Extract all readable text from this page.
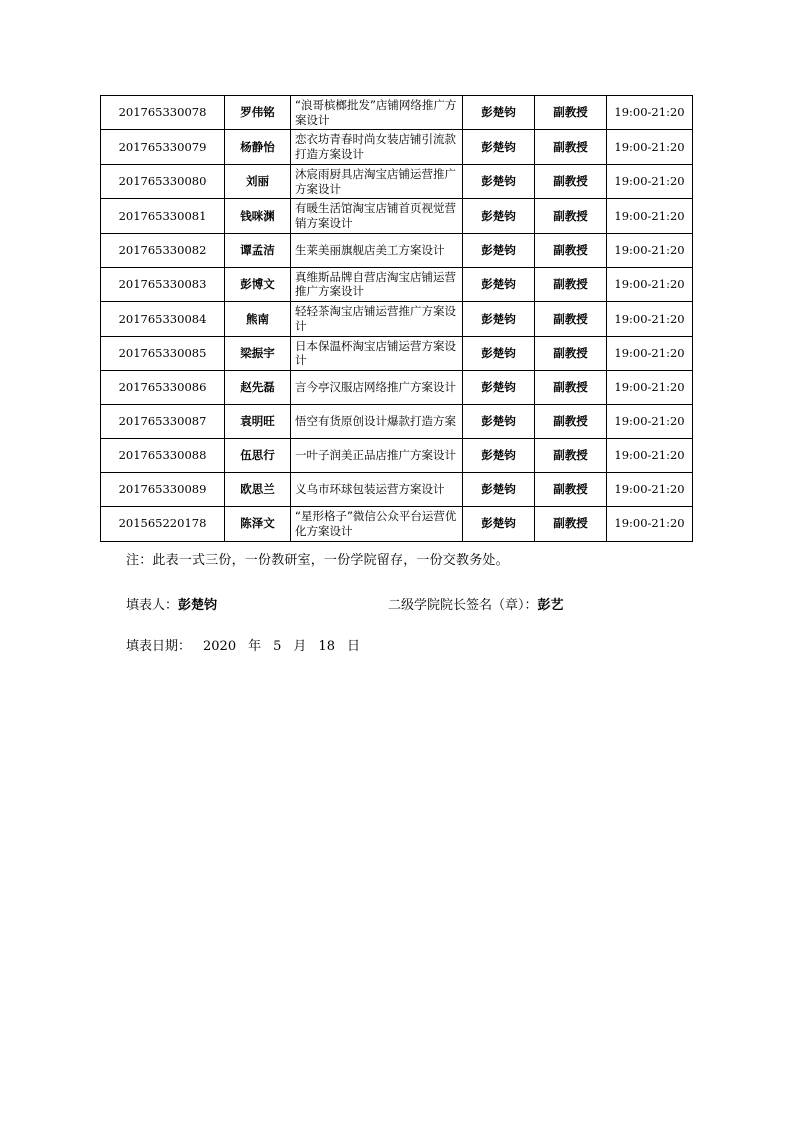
201765330078	罗伟铭	“浪哥槟榔批发”店铺网络推广方案设计	彭楚钧	副教授	19:00-21:20
201765330079	杨静怡	恋衣坊青春时尚女装店铺引流款打造方案设计	彭楚钧	副教授	19:00-21:20
201765330080	刘丽	沐宸雨厨具店淘宝店铺运营推广方案设计	彭楚钧	副教授	19:00-21:20
201765330081	钱咪渊	有暖生活馆淘宝店铺首页视觉营销方案设计	彭楚钧	副教授	19:00-21:20
201765330082	谭孟洁	生莱美丽旗舰店美工方案设计	彭楚钧	副教授	19:00-21:20
201765330083	彭博文	真维斯品牌自营店淘宝店铺运营推广方案设计	彭楚钧	副教授	19:00-21:20
201765330084	熊南	轻轻茶淘宝店铺运营推广方案设计	彭楚钧	副教授	19:00-21:20
201765330085	梁振宇	日本保温杯淘宝店铺运营方案设计	彭楚钧	副教授	19:00-21:20
201765330086	赵先磊	言今亭汉服店网络推广方案设计	彭楚钧	副教授	19:00-21:20
201765330087	袁明旺	悟空有货原创设计爆款打造方案	彭楚钧	副教授	19:00-21:20
201765330088	伍思行	一叶子润美正品店推广方案设计	彭楚钧	副教授	19:00-21:20
201765330089	欧思兰	义乌市环球包装运营方案设计	彭楚钧	副教授	19:00-21:20
201565220178	陈泽文	“星形格子”微信公众平台运营优化方案设计	彭楚钧	副教授	19:00-21:20
注：此表一式三份，一份教研室，一份学院留存，一份交教务处。
填表人：彭楚钧	二级学院院长签名（章）：彭艺
填表日期： 2020 年 5 月 18 日
